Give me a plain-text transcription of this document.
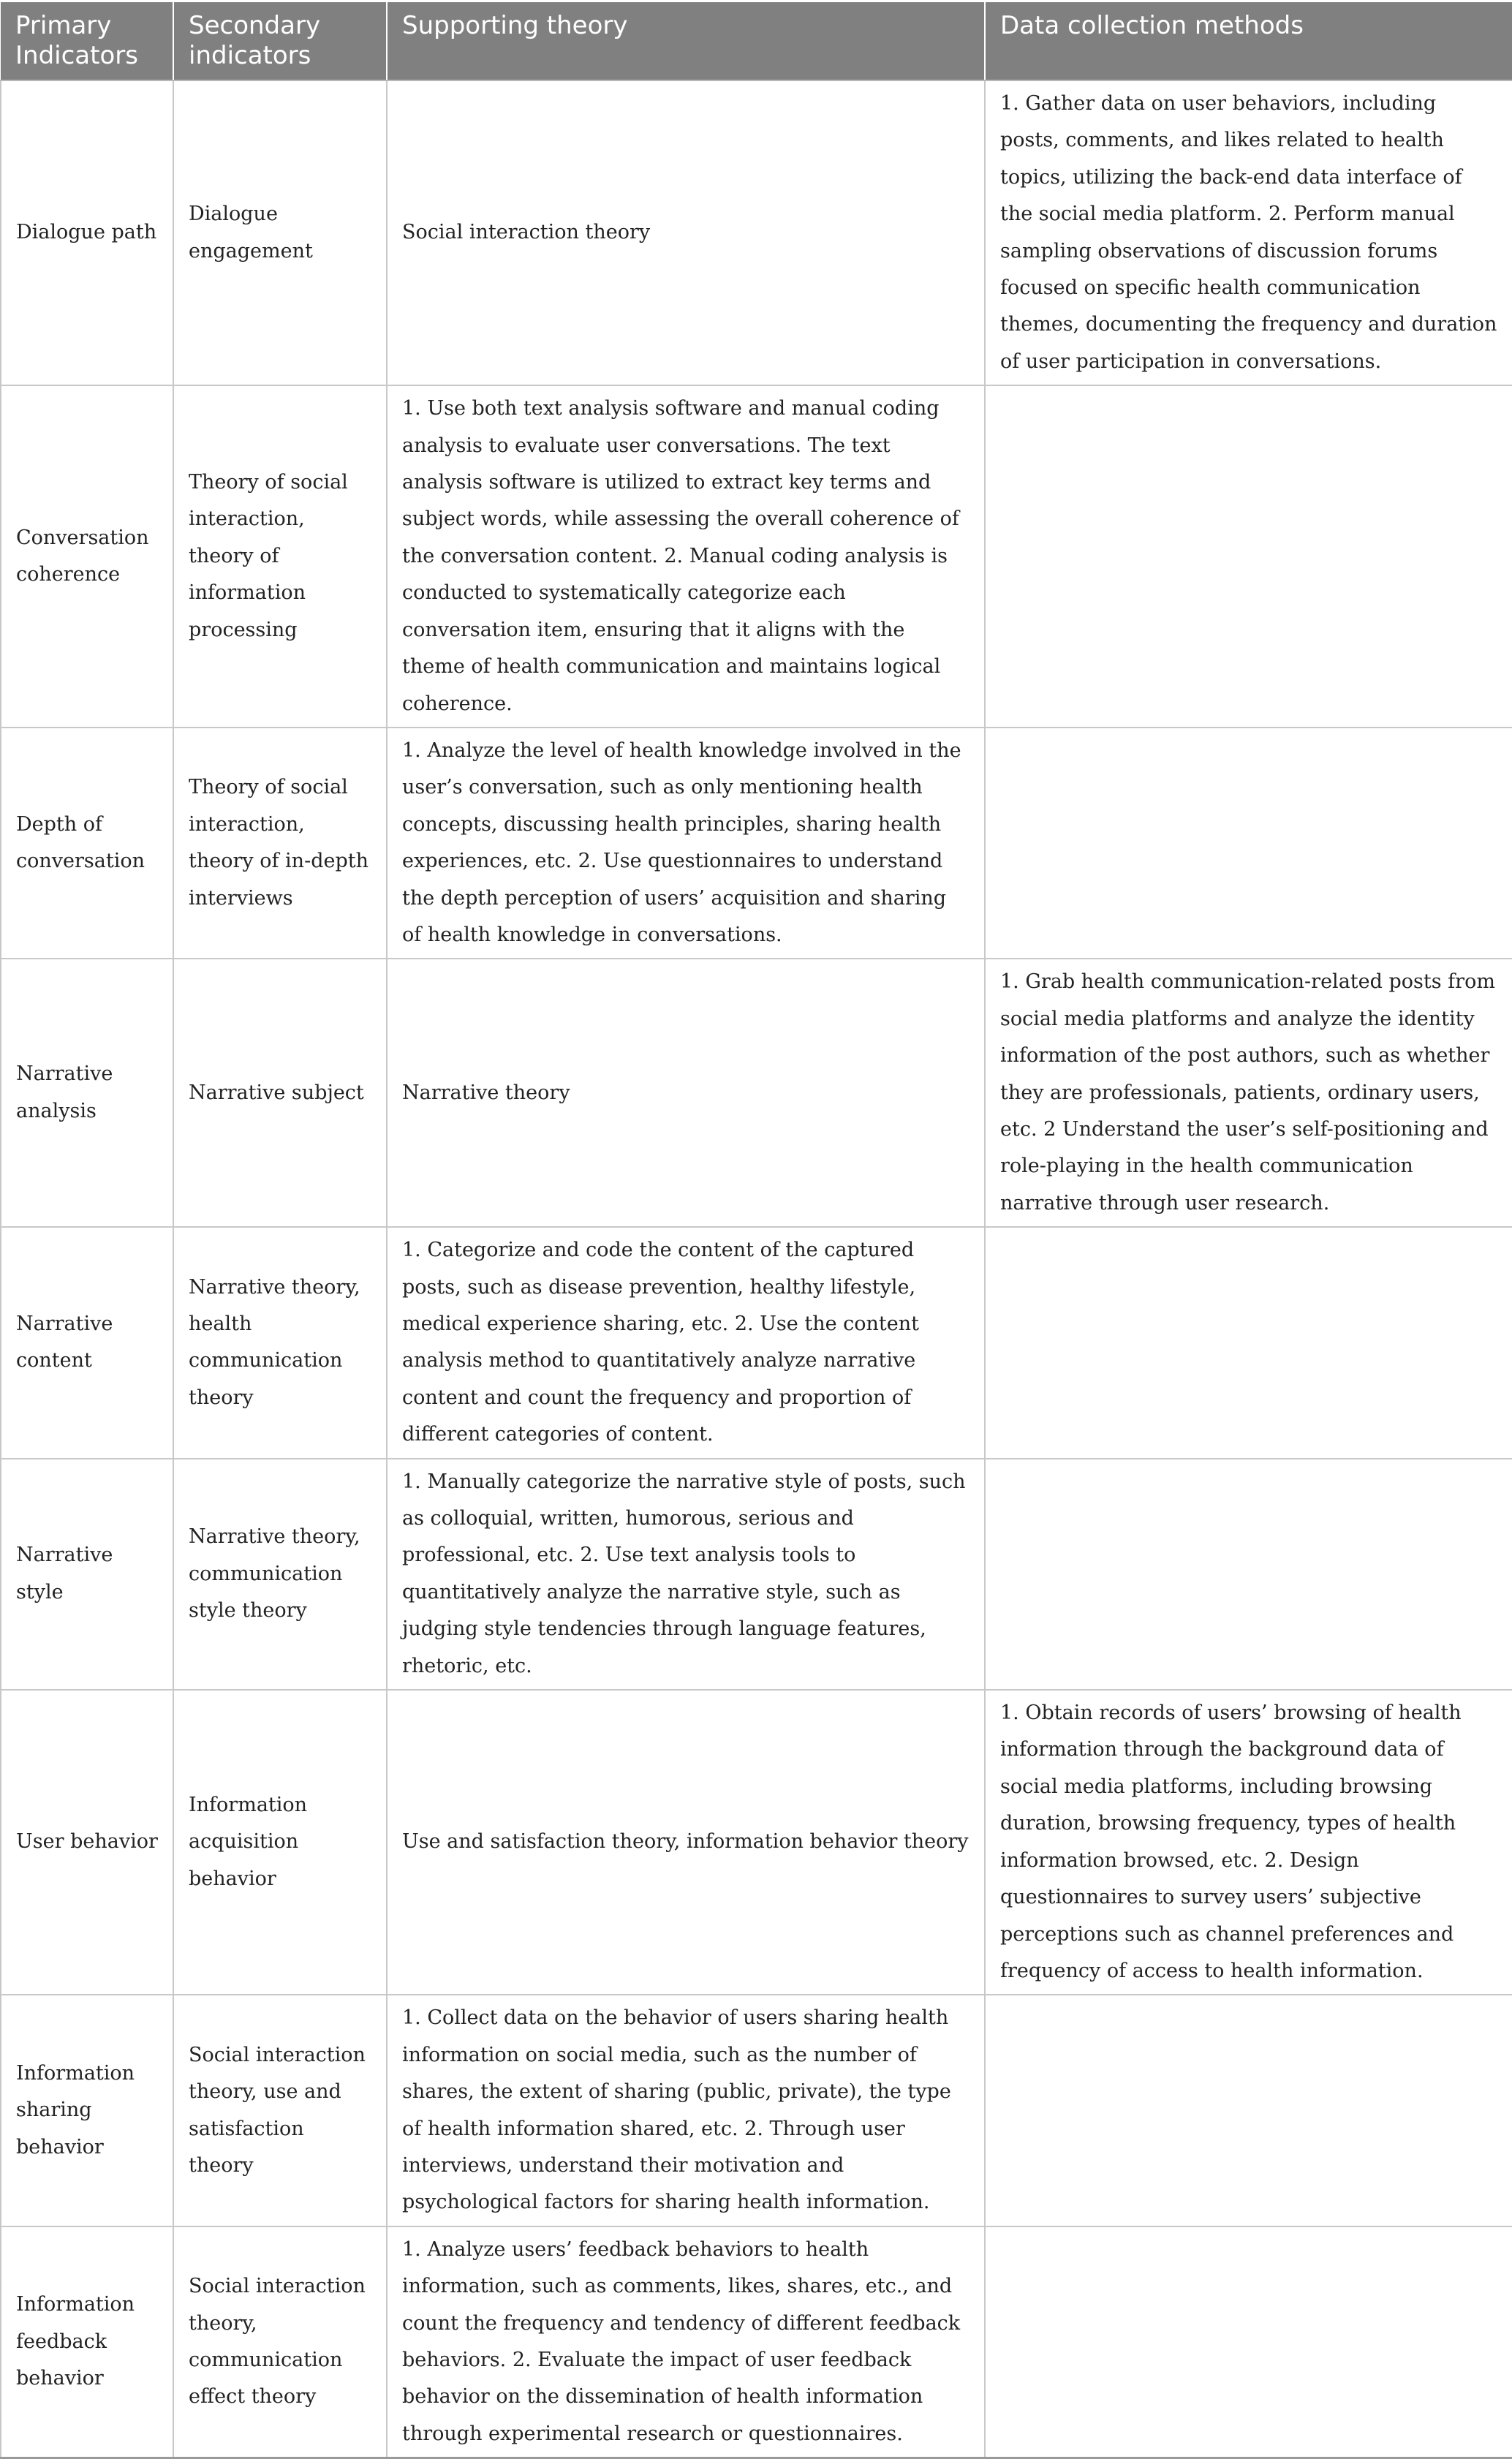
Primary Indicators	Secondary indicators	Supporting theory	Data collection methods
Dialogue path	Dialogue engagement	Social interaction theory	1. Gather data on user behaviors, including posts, comments, and likes related to health topics, utilizing the back-end data interface of the social media platform. 2. Perform manual sampling observations of discussion forums focused on specific health communication themes, documenting the frequency and duration of user participation in conversations.
Conversation coherence	Theory of social interaction, theory of information processing	1. Use both text analysis software and manual coding analysis to evaluate user conversations. The text analysis software is utilized to extract key terms and subject words, while assessing the overall coherence of the conversation content. 2. Manual coding analysis is conducted to systematically categorize each conversation item, ensuring that it aligns with the theme of health communication and maintains logical coherence.	
Depth of conversation	Theory of social interaction, theory of in-depth interviews	1. Analyze the level of health knowledge involved in the user’s conversation, such as only mentioning health concepts, discussing health principles, sharing health experiences, etc. 2. Use questionnaires to understand the depth perception of users’ acquisition and sharing of health knowledge in conversations.	
Narrative analysis	Narrative subject	Narrative theory	1. Grab health communication-related posts from social media platforms and analyze the identity information of the post authors, such as whether they are professionals, patients, ordinary users, etc. 2 Understand the user’s self-positioning and role-playing in the health communication narrative through user research.
Narrative content	Narrative theory, health communication theory	1. Categorize and code the content of the captured posts, such as disease prevention, healthy lifestyle, medical experience sharing, etc. 2. Use the content analysis method to quantitatively analyze narrative content and count the frequency and proportion of different categories of content.	
Narrative style	Narrative theory, communication style theory	1. Manually categorize the narrative style of posts, such as colloquial, written, humorous, serious and professional, etc. 2. Use text analysis tools to quantitatively analyze the narrative style, such as judging style tendencies through language features, rhetoric, etc.	
User behavior	Information acquisition behavior	Use and satisfaction theory, information behavior theory	1. Obtain records of users’ browsing of health information through the background data of social media platforms, including browsing duration, browsing frequency, types of health information browsed, etc. 2. Design questionnaires to survey users’ subjective perceptions such as channel preferences and frequency of access to health information.
Information sharing behavior	Social interaction theory, use and satisfaction theory	1. Collect data on the behavior of users sharing health information on social media, such as the number of shares, the extent of sharing (public, private), the type of health information shared, etc. 2. Through user interviews, understand their motivation and psychological factors for sharing health information.	
Information feedback behavior	Social interaction theory, communication effect theory	1. Analyze users’ feedback behaviors to health information, such as comments, likes, shares, etc., and count the frequency and tendency of different feedback behaviors. 2. Evaluate the impact of user feedback behavior on the dissemination of health information through experimental research or questionnaires.	
